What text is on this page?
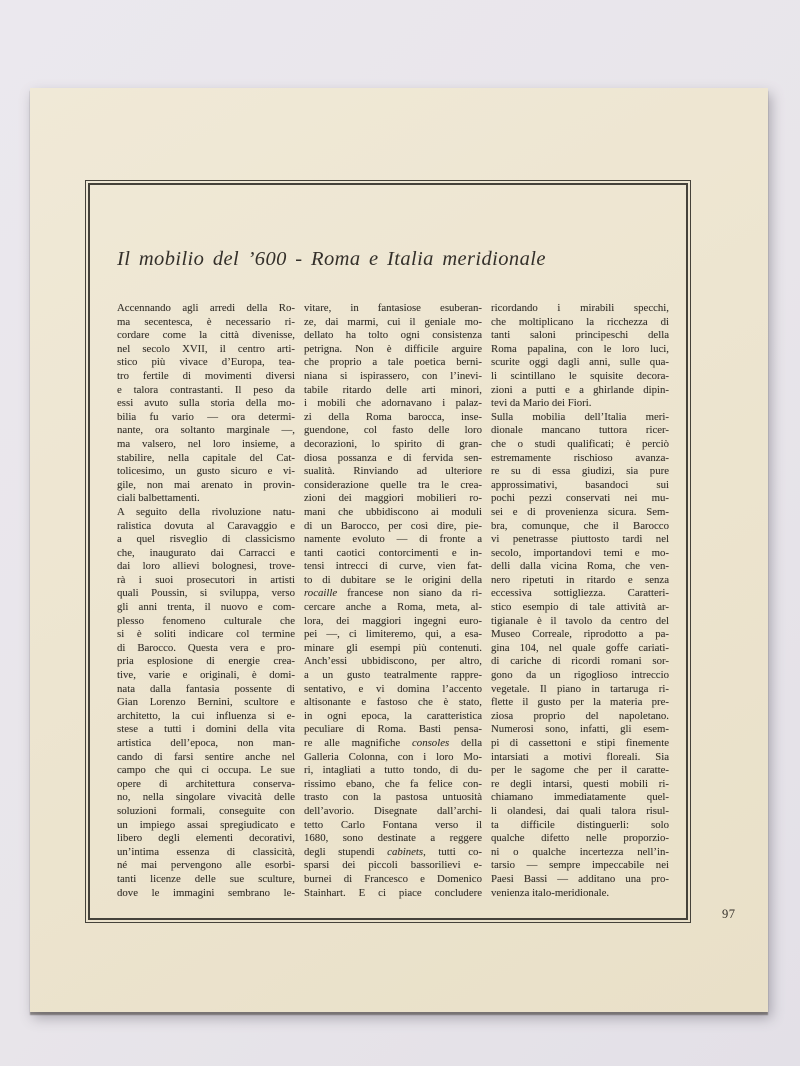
Il mobilio del ’600 - Roma e Italia meridionale
Accennando agli arredi della Ro-
ma secentesca, è necessario ri-
cordare come la città divenisse,
nel secolo XVII, il centro arti-
stico più vivace d’Europa, tea-
tro fertile di movimenti diversi
e talora contrastanti. Il peso da
essi avuto sulla storia della mo-
bilia fu vario — ora determi-
nante, ora soltanto marginale —,
ma valsero, nel loro insieme, a
stabilire, nella capitale del Cat-
tolicesimo, un gusto sicuro e vi-
gile, non mai arenato in provin-
ciali balbettamenti.
A seguito della rivoluzione natu-
ralistica dovuta al Caravaggio e
a quel risveglio di classicismo
che, inaugurato dai Carracci e
dai loro allievi bolognesi, trove-
rà i suoi prosecutori in artisti
quali Poussin, si sviluppa, verso
gli anni trenta, il nuovo e com-
plesso fenomeno culturale che
si è soliti indicare col termine
di Barocco. Questa vera e pro-
pria esplosione di energie crea-
tive, varie e originali, è domi-
nata dalla fantasia possente di
Gian Lorenzo Bernini, scultore e
architetto, la cui influenza si e-
stese a tutti i domini della vita
artistica dell’epoca, non man-
cando di farsi sentire anche nel
campo che qui ci occupa. Le sue
opere di architettura conserva-
no, nella singolare vivacità delle
soluzioni formali, conseguite con
un impiego assai spregiudicato e
libero degli elementi decorativi,
un’intima essenza di classicità,
né mai pervengono alle esorbi-
tanti licenze delle sue sculture,
dove le immagini sembrano le-
vitare, in fantasiose esuberan-
ze, dai marmi, cui il geniale mo-
dellato ha tolto ogni consistenza
petrigna. Non è difficile arguire
che proprio a tale poetica berni-
niana si ispirassero, con l’inevi-
tabile ritardo delle arti minori,
i mobili che adornavano i palaz-
zi della Roma barocca, inse-
guendone, col fasto delle loro
decorazioni, lo spirito di gran-
diosa possanza e di fervida sen-
sualità. Rinviando ad ulteriore
considerazione quelle tra le crea-
zioni dei maggiori mobilieri ro-
mani che ubbidiscono ai moduli
di un Barocco, per così dire, pie-
namente evoluto — di fronte a
tanti caotici contorcimenti e in-
tensi intrecci di curve, vien fat-
to di dubitare se le origini della
rocaille francese non siano da ri-
cercare anche a Roma, meta, al-
lora, dei maggiori ingegni euro-
pei —, ci limiteremo, qui, a esa-
minare gli esempi più contenuti.
Anch’essi ubbidiscono, per altro,
a un gusto teatralmente rappre-
sentativo, e vi domina l’accento
altisonante e fastoso che è stato,
in ogni epoca, la caratteristica
peculiare di Roma. Basti pensa-
re alle magnifiche consoles della
Galleria Colonna, con i loro Mo-
ri, intagliati a tutto tondo, di du-
rissimo ebano, che fa felice con-
trasto con la pastosa untuosità
dell’avorio. Disegnate dall’archi-
tetto Carlo Fontana verso il
1680, sono destinate a reggere
degli stupendi cabinets, tutti co-
sparsi dei piccoli bassorilievi e-
burnei di Francesco e Domenico
Stainhart. E ci piace concludere
ricordando i mirabili specchi,
che moltiplicano la ricchezza di
tanti saloni principeschi della
Roma papalina, con le loro luci,
scurite oggi dagli anni, sulle qua-
li scintillano le squisite decora-
zioni a putti e a ghirlande dipin-
tevi da Mario dei Fiori.
Sulla mobilia dell’Italia meri-
dionale mancano tuttora ricer-
che o studi qualificati; è perciò
estremamente rischioso avanza-
re su di essa giudizi, sia pure
approssimativi, basandoci sui
pochi pezzi conservati nei mu-
sei e di provenienza sicura. Sem-
bra, comunque, che il Barocco
vi penetrasse piuttosto tardi nel
secolo, importandovi temi e mo-
delli dalla vicina Roma, che ven-
nero ripetuti in ritardo e senza
eccessiva sottigliezza. Caratteri-
stico esempio di tale attività ar-
tigianale è il tavolo da centro del
Museo Correale, riprodotto a pa-
gina 104, nel quale goffe cariati-
di cariche di ricordi romani sor-
gono da un rigoglioso intreccio
vegetale. Il piano in tartaruga ri-
flette il gusto per la materia pre-
ziosa proprio del napoletano.
Numerosi sono, infatti, gli esem-
pi di cassettoni e stipi finemente
intarsiati a motivi floreali. Sia
per le sagome che per il caratte-
re degli intarsi, questi mobili ri-
chiamano immediatamente quel-
li olandesi, dai quali talora risul-
ta difficile distinguerli: solo
qualche difetto nelle proporzio-
ni o qualche incertezza nell’in-
tarsio — sempre impeccabile nei
Paesi Bassi — additano una pro-
venienza italo-meridionale.
97
